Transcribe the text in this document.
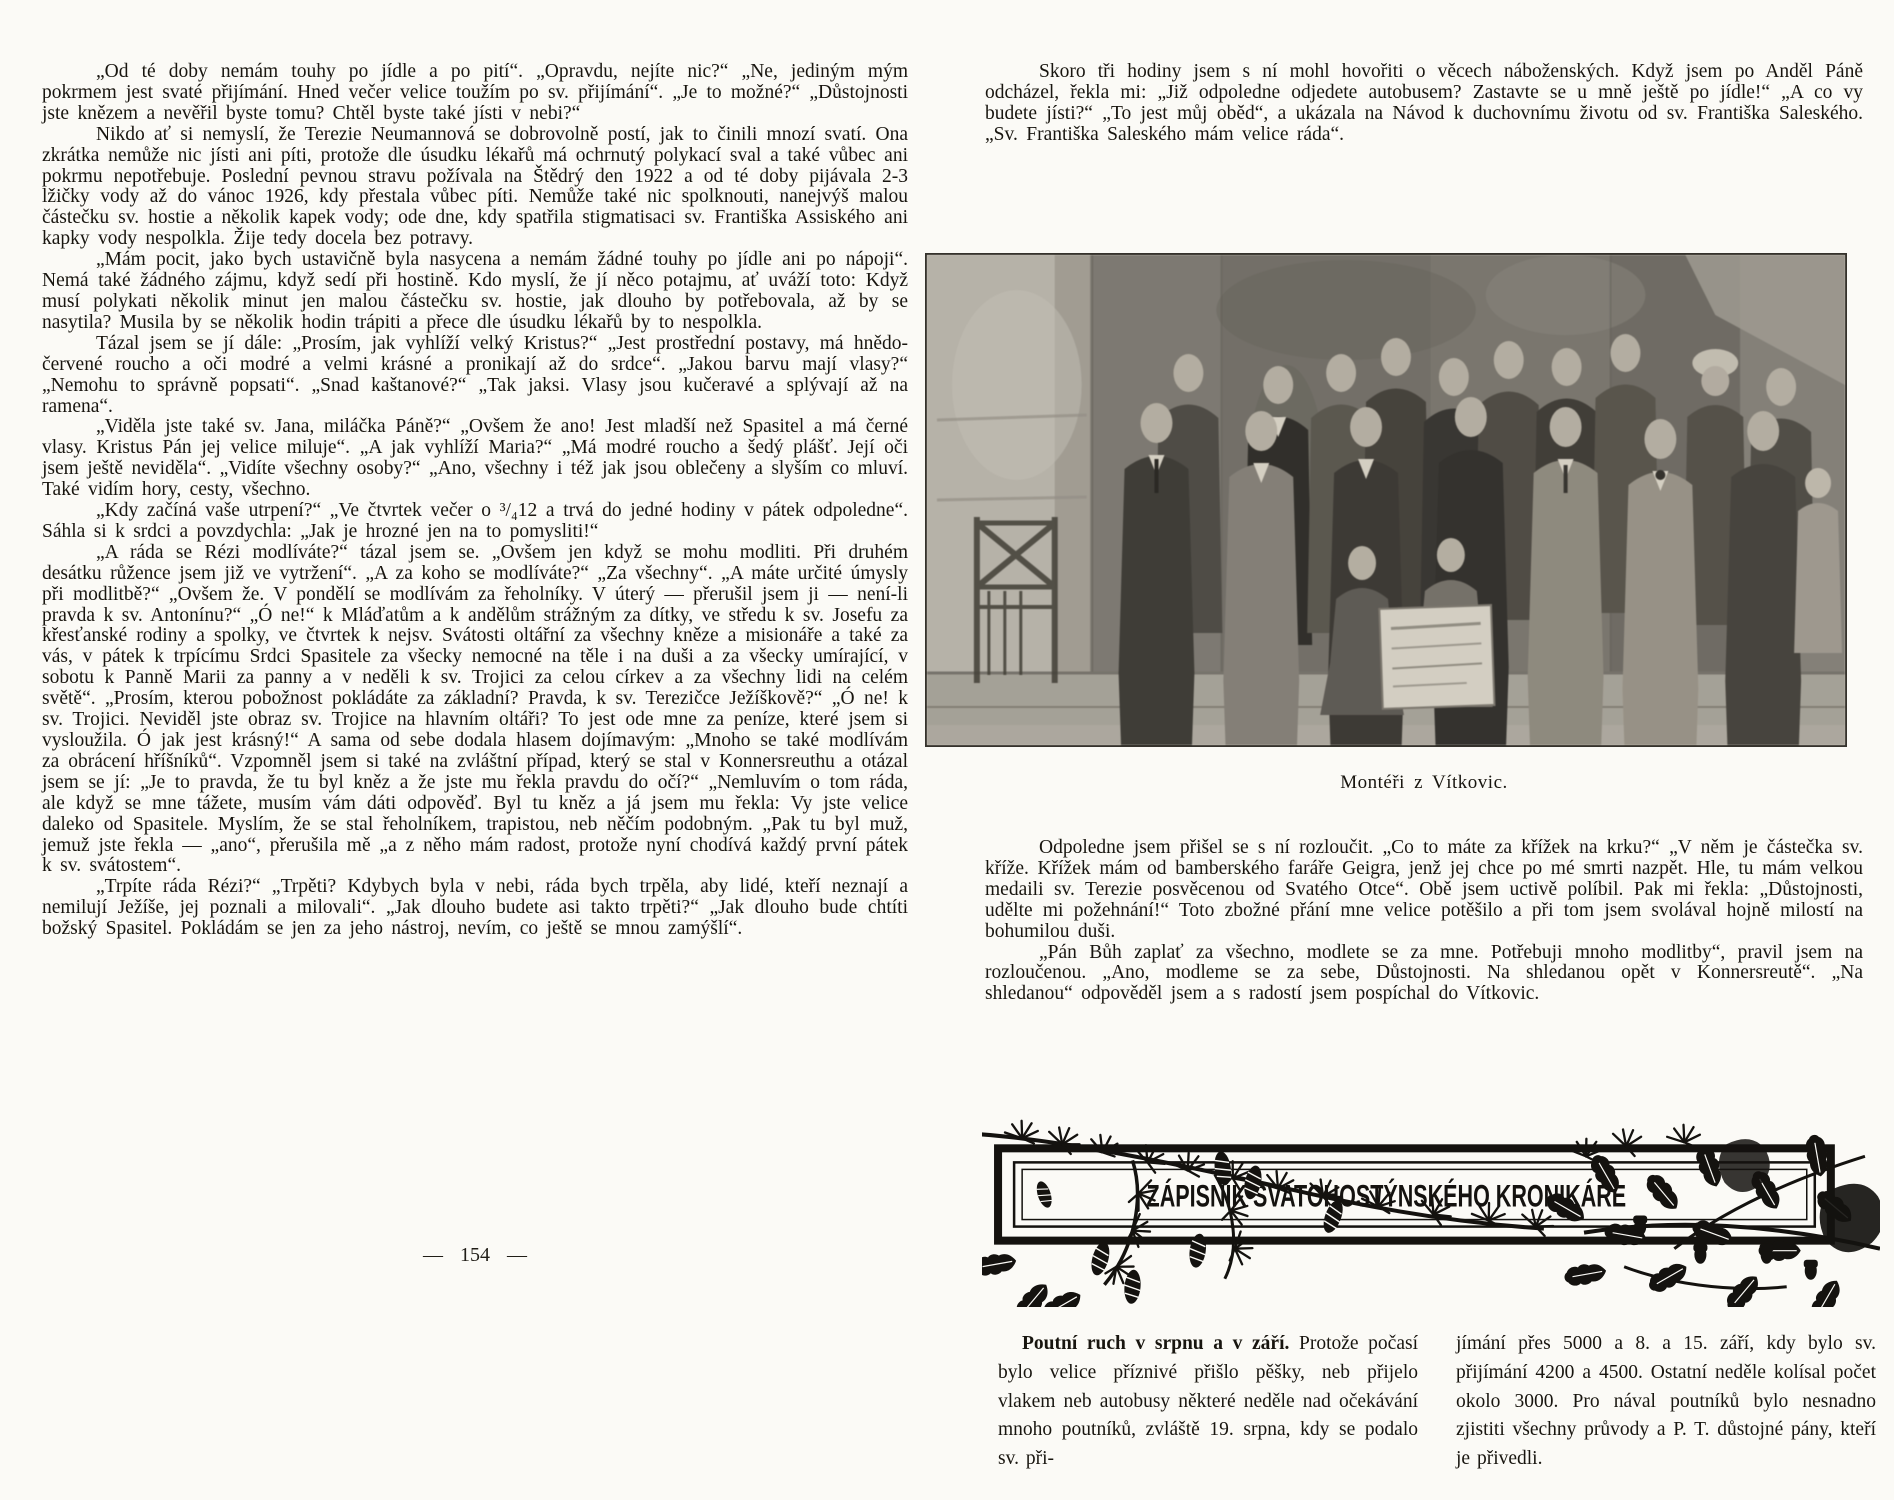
„Od té doby nemám touhy po jídle a po pití“. „Opravdu, nejíte nic?“ „Ne, jediným mým pokrmem jest svaté přijímání. Hned večer velice toužím po sv. přijímání“. „Je to možné?“ „Důstojnosti jste knězem a nevěřil byste tomu? Chtěl byste také jísti v nebi?“

Nikdo ať si nemyslí, že Terezie Neumannová se dobrovolně postí, jak to činili mnozí svatí. Ona zkrátka nemůže nic jísti ani píti, protože dle úsudku lékařů má ochrnutý polykací sval a také vůbec ani pokrmu nepotřebuje. Poslední pevnou stravu požívala na Štědrý den 1922 a od té doby pijávala 2-3 lžičky vody až do vánoc 1926, kdy přestala vůbec píti. Nemůže také nic spolknouti, nanejvýš malou částečku sv. hostie a několik kapek vody; ode dne, kdy spatřila stigmatisaci sv. Františka Assiského ani kapky vody nespolkla. Žije tedy docela bez potravy.

„Mám pocit, jako bych ustavičně byla nasycena a nemám žádné touhy po jídle ani po nápoji“. Nemá také žádného zájmu, když sedí při hostině. Kdo myslí, že jí něco potajmu, ať uváží toto: Když musí polykati několik minut jen malou částečku sv. hostie, jak dlouho by potřebovala, až by se nasytila? Musila by se několik hodin trápiti a přece dle úsudku lékařů by to nespolkla.

Tázal jsem se jí dále: „Prosím, jak vyhlíží velký Kristus?“ „Jest prostřední postavy, má hnědo-červené roucho a oči modré a velmi krásné a pronikají až do srdce“. „Jakou barvu mají vlasy?“ „Nemohu to správně popsati“. „Snad kaštanové?“ „Tak jaksi. Vlasy jsou kučeravé a splývají až na ramena“.

„Viděla jste také sv. Jana, miláčka Páně?“ „Ovšem že ano! Jest mladší než Spasitel a má černé vlasy. Kristus Pán jej velice miluje“. „A jak vyhlíží Maria?“ „Má modré roucho a šedý plášť. Její oči jsem ještě neviděla“. „Vidíte všechny osoby?“ „Ano, všechny i též jak jsou oblečeny a slyším co mluví. Také vidím hory, cesty, všechno.

„Kdy začíná vaše utrpení?“ „Ve čtvrtek večer o ³/₄12 a trvá do jedné hodiny v pátek odpoledne“. Sáhla si k srdci a povzdychla: „Jak je hrozné jen na to pomysliti!“

„A ráda se Rézi modlíváte?“ tázal jsem se. „Ovšem jen když se mohu modliti. Při druhém desátku růžence jsem již ve vytržení“. „A za koho se modlíváte?“ „Za všechny“. „A máte určité úmysly při modlitbě?“ „Ovšem že. V pondělí se modlívám za řeholníky. V úterý — přerušil jsem ji — není-li pravda k sv. Antonínu?“ „Ó ne!“ k Mláďatům a k andělům strážným za dítky, ve středu k sv. Josefu za křesťanské rodiny a spolky, ve čtvrtek k nejsv. Svátosti oltářní za všechny kněze a misionáře a také za vás, v pátek k trpícímu Srdci Spasitele za všecky nemocné na těle i na duši a za všecky umírající, v sobotu k Panně Marii za panny a v neděli k sv. Trojici za celou církev a za všechny lidi na celém světě“. „Prosím, kterou pobožnost pokládáte za základní? Pravda, k sv. Terezičce Ježíškově?“ „Ó ne! k sv. Trojici. Neviděl jste obraz sv. Trojice na hlavním oltáři? To jest ode mne za peníze, které jsem si vysloužila. Ó jak jest krásný!“ A sama od sebe dodala hlasem dojímavým: „Mnoho se také modlívám za obrácení hříšníků“. Vzpomněl jsem si také na zvláštní případ, který se stal v Konnersreuthu a otázal jsem se jí: „Je to pravda, že tu byl kněz a že jste mu řekla pravdu do očí?“ „Nemluvím o tom ráda, ale když se mne tážete, musím vám dáti odpověď. Byl tu kněz a já jsem mu řekla: Vy jste velice daleko od Spasitele. Myslím, že se stal řeholníkem, trapistou, neb něčím podobným. „Pak tu byl muž, jemuž jste řekla — „ano“, přerušila mě „a z něho mám radost, protože nyní chodívá každý první pátek k sv. svátostem“.

„Trpíte ráda Rézi?“ „Trpěti? Kdybych byla v nebi, ráda bych trpěla, aby lidé, kteří neznají a nemilují Ježíše, jej poznali a milovali“. „Jak dlouho budete asi takto trpěti?“ „Jak dlouho bude chtíti božský Spasitel. Pokládám se jen za jeho nástroj, nevím, co ještě se mnou zamýšlí“.

— 154 —

Skoro tři hodiny jsem s ní mohl hovořiti o věcech náboženských. Když jsem po Anděl Páně odcházel, řekla mi: „Již odpoledne odjedete autobusem? Zastavte se u mně ještě po jídle!“ „A co vy budete jísti?“ „To jest můj oběd“, a ukázala na Návod k duchovnímu životu od sv. Františka Saleského. „Sv. Františka Saleského mám velice ráda“.

Montéři z Vítkovic.

Odpoledne jsem přišel se s ní rozloučit. „Co to máte za křížek na krku?“ „V něm je částečka sv. kříže. Křížek mám od bamberského faráře Geigra, jenž jej chce po mé smrti nazpět. Hle, tu mám velkou medaili sv. Terezie posvěcenou od Svatého Otce“. Obě jsem uctivě políbil. Pak mi řekla: „Důstojnosti, udělte mi požehnání!“ Toto zbožné přání mne velice potěšilo a při tom jsem svolával hojně milostí na bohumilou duši.

„Pán Bůh zaplať za všechno, modlete se za mne. Potřebuji mnoho modlitby“, pravil jsem na rozloučenou. „Ano, modleme se za sebe, Důstojnosti. Na shledanou opět v Konnersreutě“. „Na shledanou“ odpověděl jsem a s radostí jsem pospíchal do Vítkovic.

ZÁPISNÍK SVATOHOSTÝNSKÉHO KRONIKÁŘE

Poutní ruch v srpnu a v září. Protože počasí bylo velice příznivé přišlo pěšky, neb přijelo vlakem neb autobusy některé neděle nad očekávání mnoho poutníků, zvláště 19. srpna, kdy se podalo sv. při-

jímání přes 5000 a 8. a 15. září, kdy bylo sv. přijímání 4200 a 4500. Ostatní neděle kolísal počet okolo 3000. Pro nával poutníků bylo nesnadno zjistiti všechny průvody a P. T. důstojné pány, kteří je přivedli.
